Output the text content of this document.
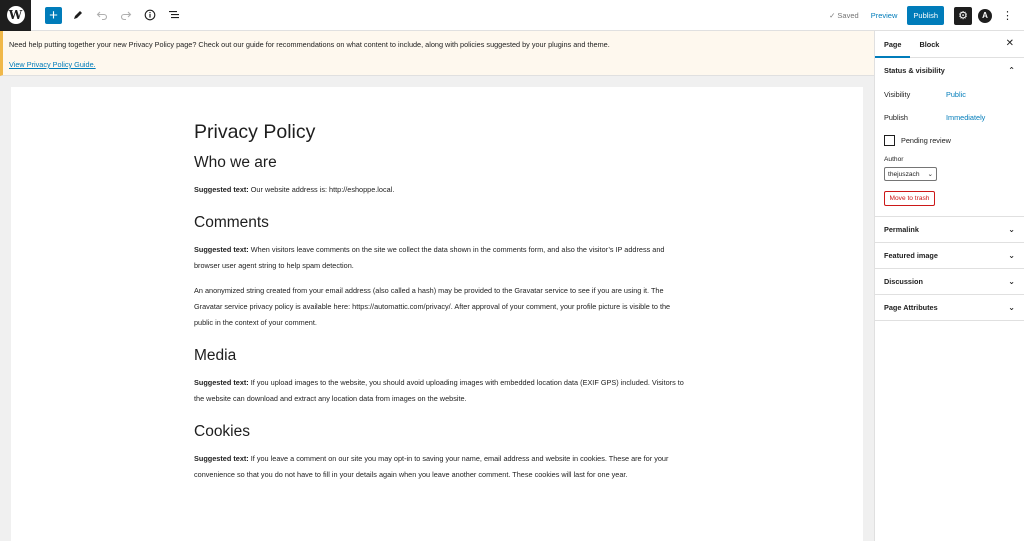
W +	✓ Saved Preview	Publish	⚙	A	⋮
Need help putting together your new Privacy Policy page? Check out our guide for recommendations on what content to include, along with policies suggested by your plugins and theme.
View Privacy Policy Guide.
Privacy Policy
Who we are

Suggested text: Our website address is: http://eshoppe.local.

Comments

Suggested text: When visitors leave comments on the site we collect the data shown in the comments form, and also the visitor’s IP address and browser user agent string to help spam detection.

An anonymized string created from your email address (also called a hash) may be provided to the Gravatar service to see if you are using it. The Gravatar service privacy policy is available here: https://automattic.com/privacy/. After approval of your comment, your profile picture is visible to the public in the context of your comment.

Media

Suggested text: If you upload images to the website, you should avoid uploading images with embedded location data (EXIF GPS) included. Visitors to the website can download and extract any location data from images on the website.

Cookies

Suggested text: If you leave a comment on our site you may opt-in to saving your name, email address and website in cookies. These are for your convenience so that you do not have to fill in your details again when you leave another comment. These cookies will last for one year.

Page	Block	✕
Status & visibility	⌃
Visibility	Public
Publish	Immediately
Pending review
Author
thejuszach ⌄
Move to trash
Permalink	⌄
Featured image	⌄
Discussion	⌄
Page Attributes	⌄
